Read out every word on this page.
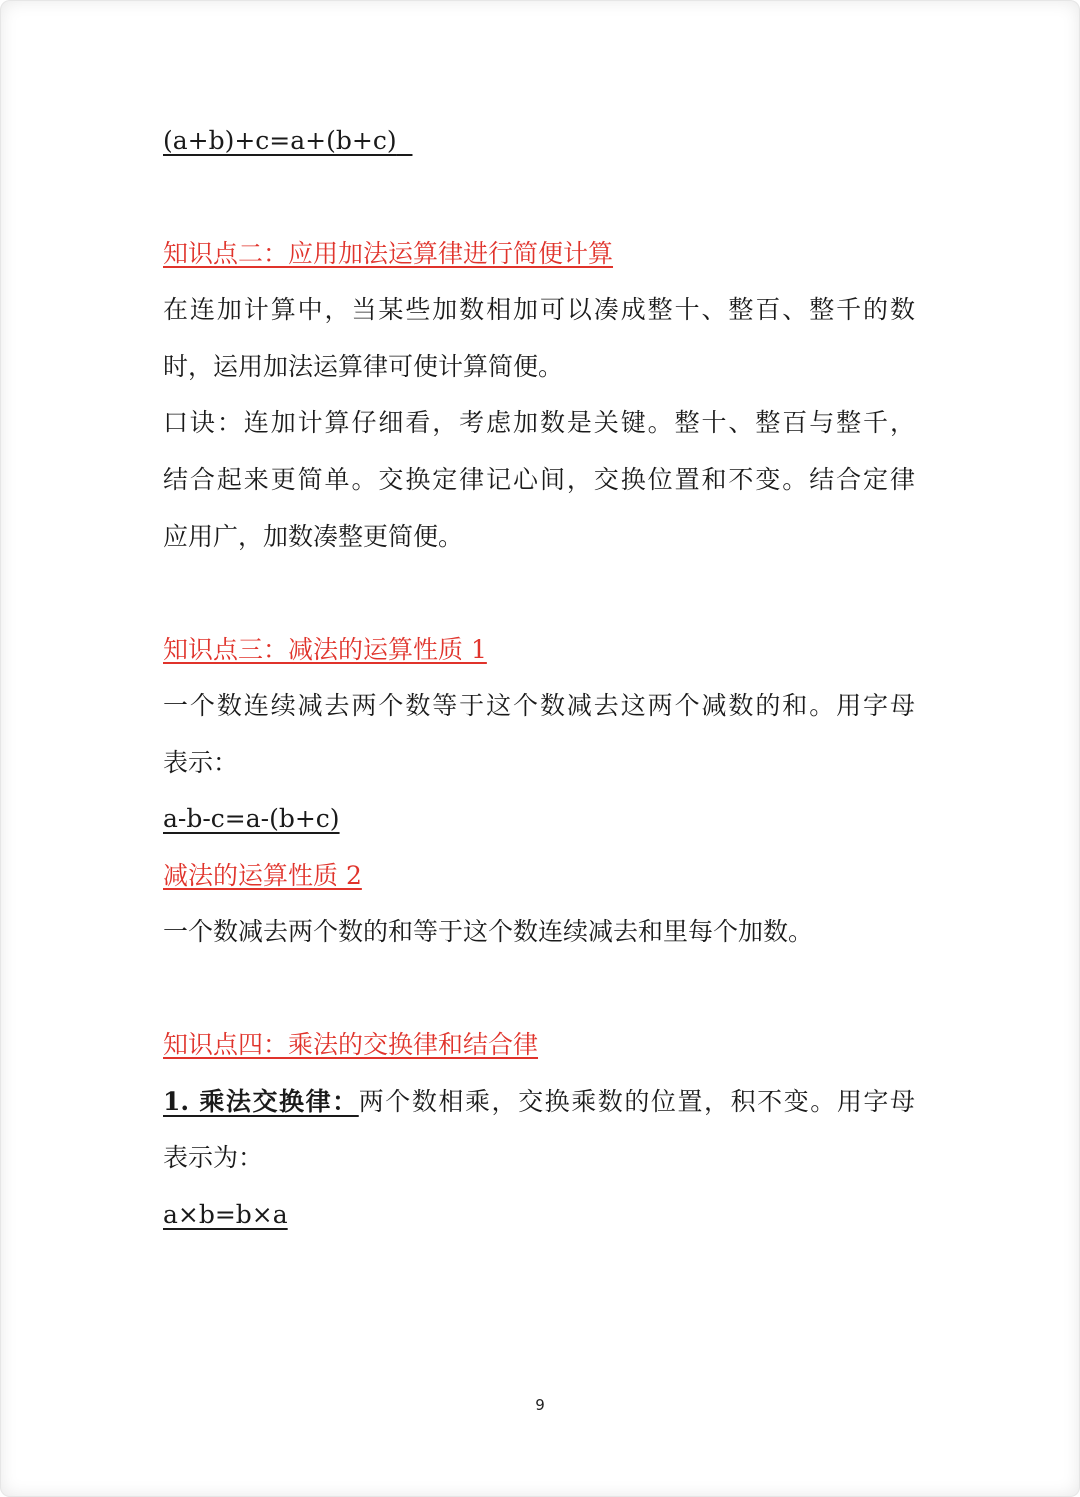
(a+b)+c=a+(b+c)
知识点二：应用加法运算律进行简便计算
在连加计算中，当某些加数相加可以凑成整十、整百、整千的数
时，运用加法运算律可使计算简便。
口诀：连加计算仔细看，考虑加数是关键。整十、整百与整千，
结合起来更简单。交换定律记心间，交换位置和不变。结合定律
应用广，加数凑整更简便。
知识点三：减法的运算性质 1
一个数连续减去两个数等于这个数减去这两个减数的和。用字母
表示：
a-b-c=a-(b+c)
减法的运算性质 2
一个数减去两个数的和等于这个数连续减去和里每个加数。
知识点四：乘法的交换律和结合律
1. 乘法交换律：两个数相乘，交换乘数的位置，积不变。用字母
表示为：
a×b=b×a
9
